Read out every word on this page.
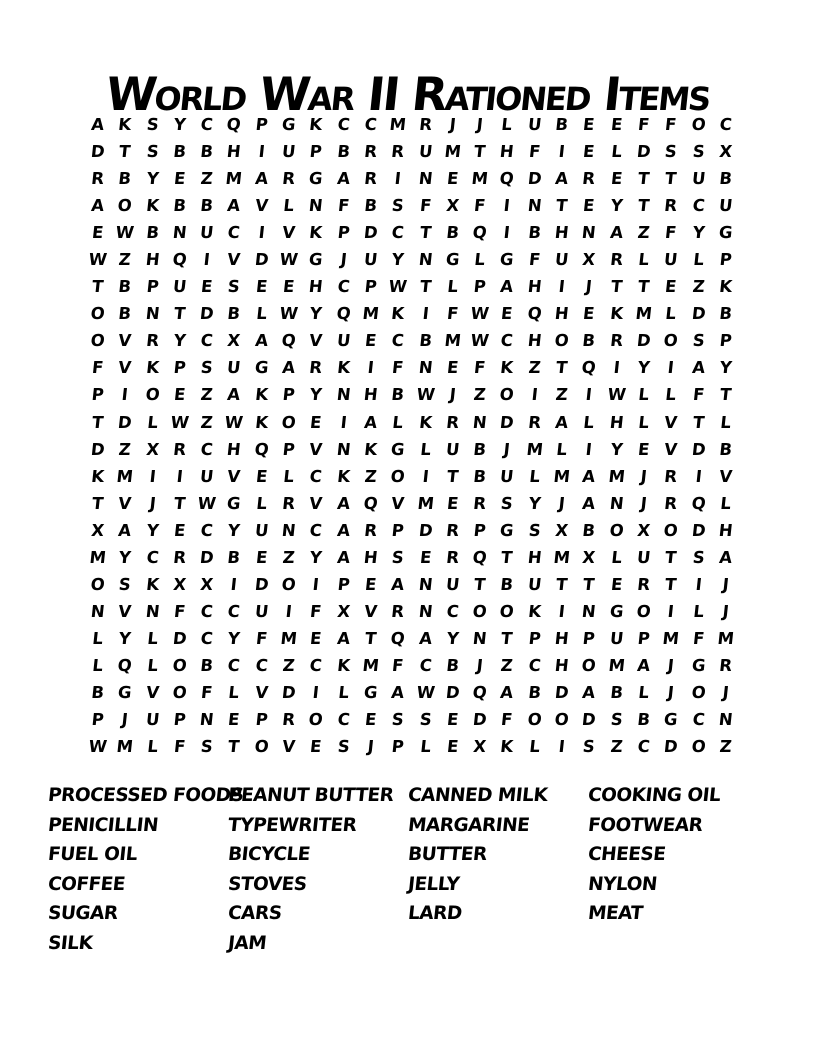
World War II Rationed Items
A K S Y C Q P G K C C M R J	J	L U B E E F F O C
D T S B B H I U P B R R U M T H F	I	E L D S S X
R B Y E Z M A R G A R I N E M Q D A R E T T U B
A O K B B A V L N F B S F X F	I N T E Y T R C U
E W B N U C I V K P D C T B Q I B H N A Z F Y G
W Z H Q I V D W G J U Y N G L G F U X R L U L P
T B P U E S E E H C P W T L P A H I	J	T T E Z K
O B N T D B L W Y Q M K I	F W E Q H E K M L D B
O V R Y C X A Q V U E C B M W C H O B R D O S P
F V K P S U G A R K I	F N E F K Z T Q I Y I A Y
P I O E Z A K P Y N H B W J Z O I Z I W L L F T
T D L W Z W K O E	I A L K R N D R A L H L V T L
D Z X R C H Q P V N K G L U B J M L	I Y E V D B
K M I	I U V E L C K Z O I	T B U L M A M J R I V
T V J	T W G L R V A Q V M E R S Y J A N J R Q L
X A Y E C Y U N C A R P D R P G S X B O X O D H
M Y C R D B E Z Y A H S E R Q T H M X L U T S A
O S K X X I D O I P E A N U T B U T T E R T	I	J
N V N F C C U I	F X V R N C O O K I N G O I	L	J
L Y L D C Y F M E A T Q A Y N T P H P U P M F M
L Q L O B C C Z C K M F C B J Z C H O M A J G R
B G V O F L V D I	L G A W D Q A B D A B L	J O J
P J U P N E P R O C E S S E D F O O D S B G C N
W M L F S T O V E S J P L E X K L	I S Z C D O Z
PROCESSED FOODS
PENICILLIN
FUEL OIL
COFFEE
SUGAR
SILK
PEANUT BUTTER
TYPEWRITER
BICYCLE
STOVES
CARS
JAM
CANNED MILK
MARGARINE
BUTTER
JELLY
LARD
COOKING OIL
FOOTWEAR
CHEESE
NYLON
MEAT
